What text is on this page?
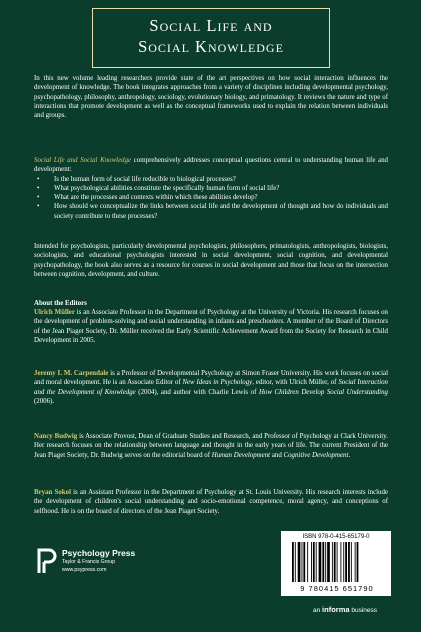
Social Life and
Social Knowledge
In this new volume leading researchers provide state of the art perspectives on how social interaction influences the development of knowledge. The book integrates approaches from a variety of disciplines including developmental psychology, psychopathology, philosophy, anthropology, sociology, evolutionary biology, and primatology. It reviews the nature and type of interactions that promote development as well as the conceptual frameworks used to explain the relation between individuals and groups.
Social Life and Social Knowledge comprehensively addresses conceptual questions central to understanding human life and development:
• Is the human form of social life reducible to biological processes?
• What psychological abilities constitute the specifically human form of social life?
• What are the processes and contexts within which these abilities develop?
• How should we conceptualize the links between social life and the development of thought and how do individuals and society contribute to these processes?
Intended for psychologists, particularly developmental psychologists, philosophers, primatologists, anthropologists, biologists, sociologists, and educational psychologists interested in social development, social cognition, and developmental psychopathology, the book also serves as a resource for courses in social development and those that focus on the intersection between cognition, development, and culture.
About the Editors
Ulrich Müller is an Associate Professor in the Department of Psychology at the University of Victoria. His research focuses on the development of problem-solving and social understanding in infants and preschoolers. A member of the Board of Directors of the Jean Piaget Society, Dr. Müller received the Early Scientific Achievement Award from the Society for Research in Child Development in 2005.
Jeremy I. M. Carpendale is a Professor of Developmental Psychology at Simon Fraser University. His work focuses on social and moral development. He is an Associate Editor of New Ideas in Psychology, editor, with Ulrich Müller, of Social Interaction and the Development of Knowledge (2004), and author with Charlie Lewis of How Children Develop Social Understanding (2006).
Nancy Budwig is Associate Provost, Dean of Graduate Studies and Research, and Professor of Psychology at Clark University. Her research focuses on the relationship between language and thought in the early years of life. The current President of the Jean Piaget Society, Dr. Budwig serves on the editorial board of Human Development and Cognitive Development.
Bryan Sokol is an Assistant Professor in the Department of Psychology at St. Louis University. His research interests include the development of children's social understanding and socio-emotional competence, moral agency, and conceptions of selfhood. He is on the board of directors of the Jean Piaget Society.
Psychology Press
Taylor & Francis Group
www.psypress.com
ISBN 978-0-415-65179-0
9 780415 651790
an informa business
